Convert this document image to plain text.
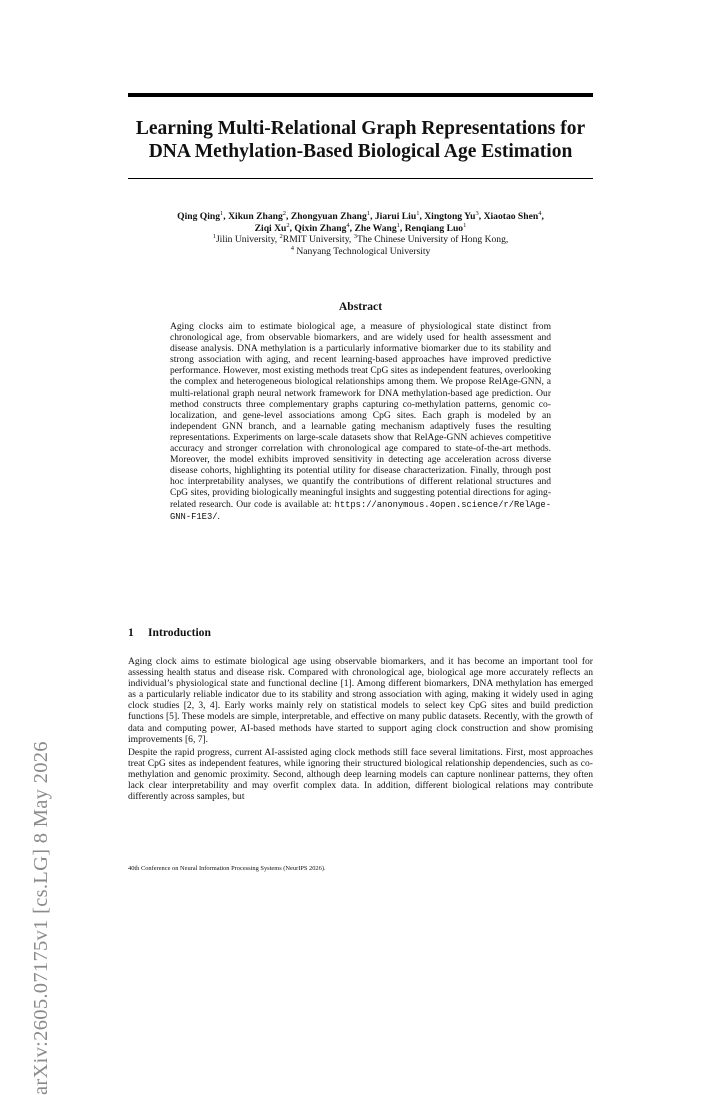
arXiv:2605.07175v1 [cs.LG] 8 May 2026
Learning Multi-Relational Graph Representations for
DNA Methylation-Based Biological Age Estimation
Qing Qing$^1$, Xikun Zhang$^2$, Zhongyuan Zhang$^1$, Jiarui Liu$^1$, Xingtong Yu$^3$, Xiaotao Shen$^4$,
Ziqi Xu$^2$, Qixin Zhang$^4$, Zhe Wang$^1$, Renqiang Luo$^1$
$^1$Jilin University, $^2$RMIT University, $^3$The Chinese University of Hong Kong,
$^4$ Nanyang Technological University
Abstract
Aging clocks aim to estimate biological age, a measure of physiological state distinct from chronological age, from observable biomarkers, and are widely used for health assessment and disease analysis. DNA methylation is a particularly informative biomarker due to its stability and strong association with aging, and recent learning-based approaches have improved predictive performance. However, most existing methods treat CpG sites as independent features, overlooking the complex and heterogeneous biological relationships among them. We propose RelAge-GNN, a multi-relational graph neural network framework for DNA methylation-based age prediction. Our method constructs three complementary graphs capturing co-methylation patterns, genomic co-localization, and gene-level associations among CpG sites. Each graph is modeled by an independent GNN branch, and a learnable gating mechanism adaptively fuses the resulting representations. Experiments on large-scale datasets show that RelAge-GNN achieves competitive accuracy and stronger correlation with chronological age compared to state-of-the-art methods. Moreover, the model exhibits improved sensitivity in detecting age acceleration across diverse disease cohorts, highlighting its potential utility for disease characterization. Finally, through post hoc interpretability analyses, we quantify the contributions of different relational structures and CpG sites, providing biologically meaningful insights and suggesting potential directions for aging-related research. Our code is available at: https://anonymous.4open.science/r/RelAge-GNN-F1E3/.
1 Introduction
Aging clock aims to estimate biological age using observable biomarkers, and it has become an important tool for assessing health status and disease risk. Compared with chronological age, biological age more accurately reflects an individual’s physiological state and functional decline [1]. Among different biomarkers, DNA methylation has emerged as a particularly reliable indicator due to its stability and strong association with aging, making it widely used in aging clock studies [2, 3, 4]. Early works mainly rely on statistical models to select key CpG sites and build prediction functions [5]. These models are simple, interpretable, and effective on many public datasets. Recently, with the growth of data and computing power, AI-based methods have started to support aging clock construction and show promising improvements [6, 7].
Despite the rapid progress, current AI-assisted aging clock methods still face several limitations. First, most approaches treat CpG sites as independent features, while ignoring their structured biological relationship dependencies, such as co-methylation and genomic proximity. Second, although deep learning models can capture nonlinear patterns, they often lack clear interpretability and may overfit complex data. In addition, different biological relations may contribute differently across samples, but
40th Conference on Neural Information Processing Systems (NeurIPS 2026).
